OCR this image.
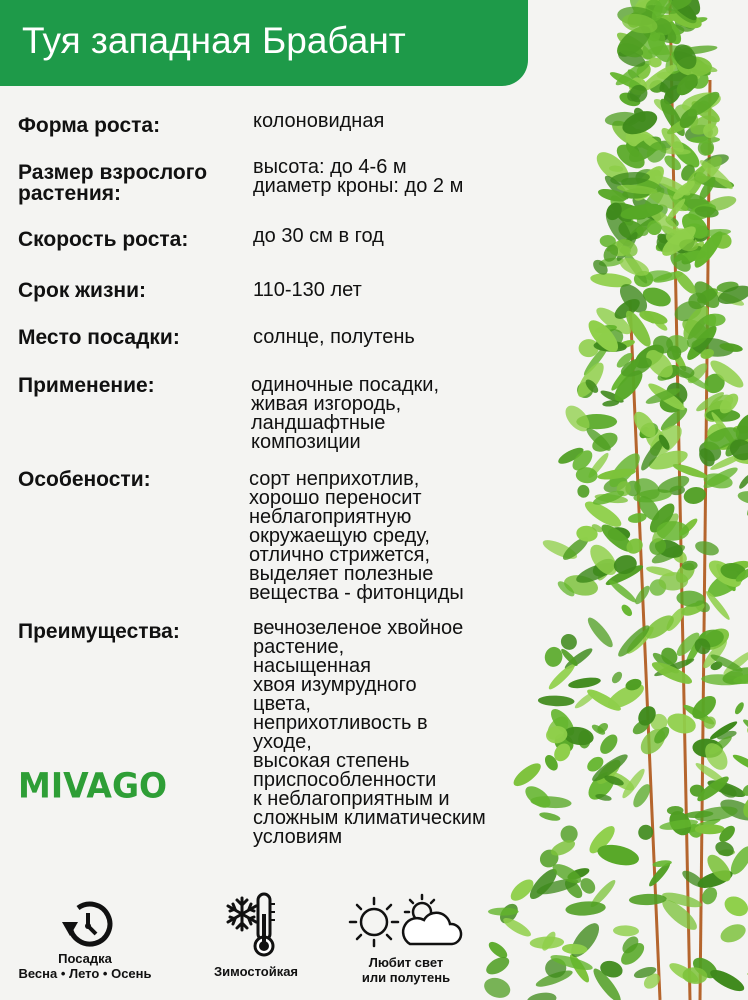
Туя западная Брабант
Форма роста:	колоновидная
Размер взрослого растения:
высота: до 4-6 м
диаметр кроны: до 2 м
Скорость роста:	до 30 см в год
Срок жизни:	110-130 лет
Место посадки:	солнце, полутень
Применение:	одиночные посадки,
живая изгородь,
ландшафтные
композиции
Особености:	сорт неприхотлив,
хорошо переносит
неблагоприятную
окружаещую среду,
отлично стрижется,
выделяет полезные
вещества - фитонциды
Преимущества:	вечнозеленое хвойное
растение,
насыщенная
хвоя изумрудного
цвета,
неприхотливость в
уходе,
высокая степень
приспособленности
к неблагоприятным и
сложным климатическим
условиям
MIVAGO
Посадка
Весна • Лето • Осень	Зимостойкая
Любит свет
или полутень
